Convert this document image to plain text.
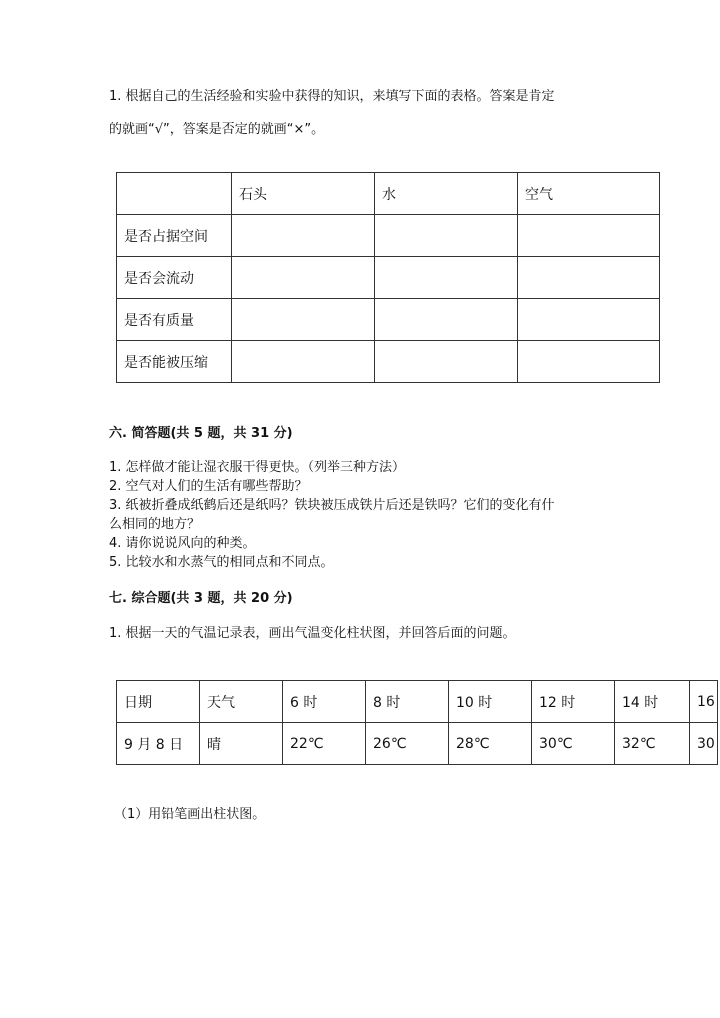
1. 根据自己的生活经验和实验中获得的知识，来填写下面的表格。答案是肯定
的就画“√”，答案是否定的就画“×”。
	石头	水	空气
是否占据空间			
是否会流动			
是否有质量			
是否能被压缩			
六. 简答题(共 5 题，共 31 分)
1. 怎样做才能让湿衣服干得更快。（列举三种方法）
2. 空气对人们的生活有哪些帮助？
3. 纸被折叠成纸鹤后还是纸吗？铁块被压成铁片后还是铁吗？它们的变化有什
么相同的地方？
4. 请你说说风向的种类。
5. 比较水和水蒸气的相同点和不同点。
七. 综合题(共 3 题，共 20 分)
1. 根据一天的气温记录表，画出气温变化柱状图，并回答后面的问题。
日期	天气	6 时	8 时	10 时	12 时	14 时	16
9 月 8 日	晴	22℃	26℃	28℃	30℃	32℃	30
（1）用铅笔画出柱状图。
